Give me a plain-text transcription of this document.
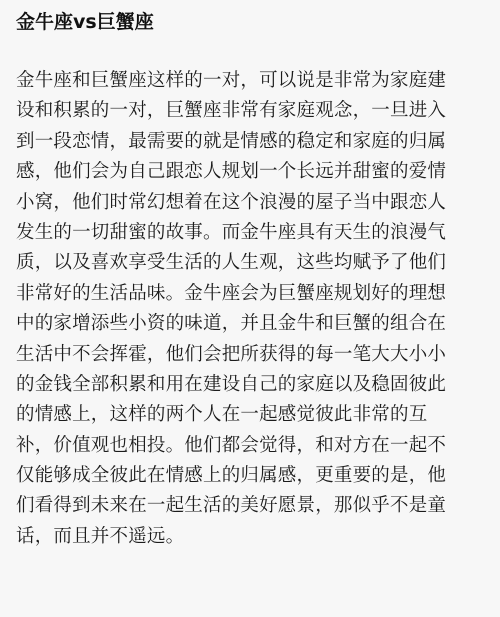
金牛座vs巨蟹座
金牛座和巨蟹座这样的一对，可以说是非常为家庭建
设和积累的一对，巨蟹座非常有家庭观念，一旦进入
到一段恋情，最需要的就是情感的稳定和家庭的归属
感，他们会为自己跟恋人规划一个长远并甜蜜的爱情
小窝，他们时常幻想着在这个浪漫的屋子当中跟恋人
发生的一切甜蜜的故事。而金牛座具有天生的浪漫气
质，以及喜欢享受生活的人生观，这些均赋予了他们
非常好的生活品味。金牛座会为巨蟹座规划好的理想
中的家增添些小资的味道，并且金牛和巨蟹的组合在
生活中不会挥霍，他们会把所获得的每一笔大大小小
的金钱全部积累和用在建设自己的家庭以及稳固彼此
的情感上，这样的两个人在一起感觉彼此非常的互
补，价值观也相投。他们都会觉得，和对方在一起不
仅能够成全彼此在情感上的归属感，更重要的是，他
们看得到未来在一起生活的美好愿景，那似乎不是童
话，而且并不遥远。
